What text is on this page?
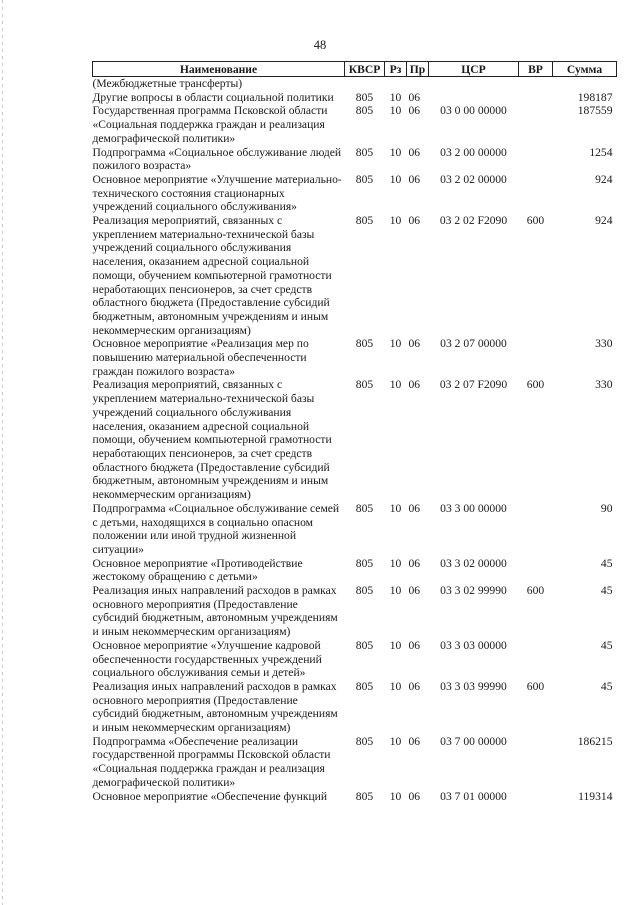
48
Наименование	КВСР	Рз	Пр	ЦСР	ВР	Сумма
(Межбюджетные трансферты)						
Другие вопросы в области социальной политики	805	10	06			198187
Государственная программа Псковской области «Социальная поддержка граждан и реализация демографической политики»	805	10	06	03 0 00 00000		187559
Подпрограмма «Социальное обслуживание людей пожилого возраста»	805	10	06	03 2 00 00000		1254
Основное мероприятие «Улучшение материально-технического состояния стационарных учреждений социального обслуживания»	805	10	06	03 2 02 00000		924
Реализация мероприятий, связанных с укреплением материально-технической базы учреждений социального обслуживания населения, оказанием адресной социальной помощи, обучением компьютерной грамотности неработающих пенсионеров, за счет средств областного бюджета (Предоставление субсидий бюджетным, автономным учреждениям и иным некоммерческим организациям)	805	10	06	03 2 02 F2090	600	924
Основное мероприятие «Реализация мер по повышению материальной обеспеченности граждан пожилого возраста»	805	10	06	03 2 07 00000		330
Реализация мероприятий, связанных с укреплением материально-технической базы учреждений социального обслуживания населения, оказанием адресной социальной помощи, обучением компьютерной грамотности неработающих пенсионеров, за счет средств областного бюджета (Предоставление субсидий бюджетным, автономным учреждениям и иным некоммерческим организациям)	805	10	06	03 2 07 F2090	600	330
Подпрограмма «Социальное обслуживание семей с детьми, находящихся в социально опасном положении или иной трудной жизненной ситуации»	805	10	06	03 3 00 00000		90
Основное мероприятие «Противодействие жестокому обращению с детьми»	805	10	06	03 3 02 00000		45
Реализация иных направлений расходов в рамках основного мероприятия (Предоставление субсидий бюджетным, автономным учреждениям и иным некоммерческим организациям)	805	10	06	03 3 02 99990	600	45
Основное мероприятие «Улучшение кадровой обеспеченности государственных учреждений социального обслуживания семьи и детей»	805	10	06	03 3 03 00000		45
Реализация иных направлений расходов в рамках основного мероприятия (Предоставление субсидий бюджетным, автономным учреждениям и иным некоммерческим организациям)	805	10	06	03 3 03 99990	600	45
Подпрограмма «Обеспечение реализации государственной программы Псковской области «Социальная поддержка граждан и реализация демографической политики»	805	10	06	03 7 00 00000		186215
Основное мероприятие «Обеспечение функций	805	10	06	03 7 01 00000		119314
